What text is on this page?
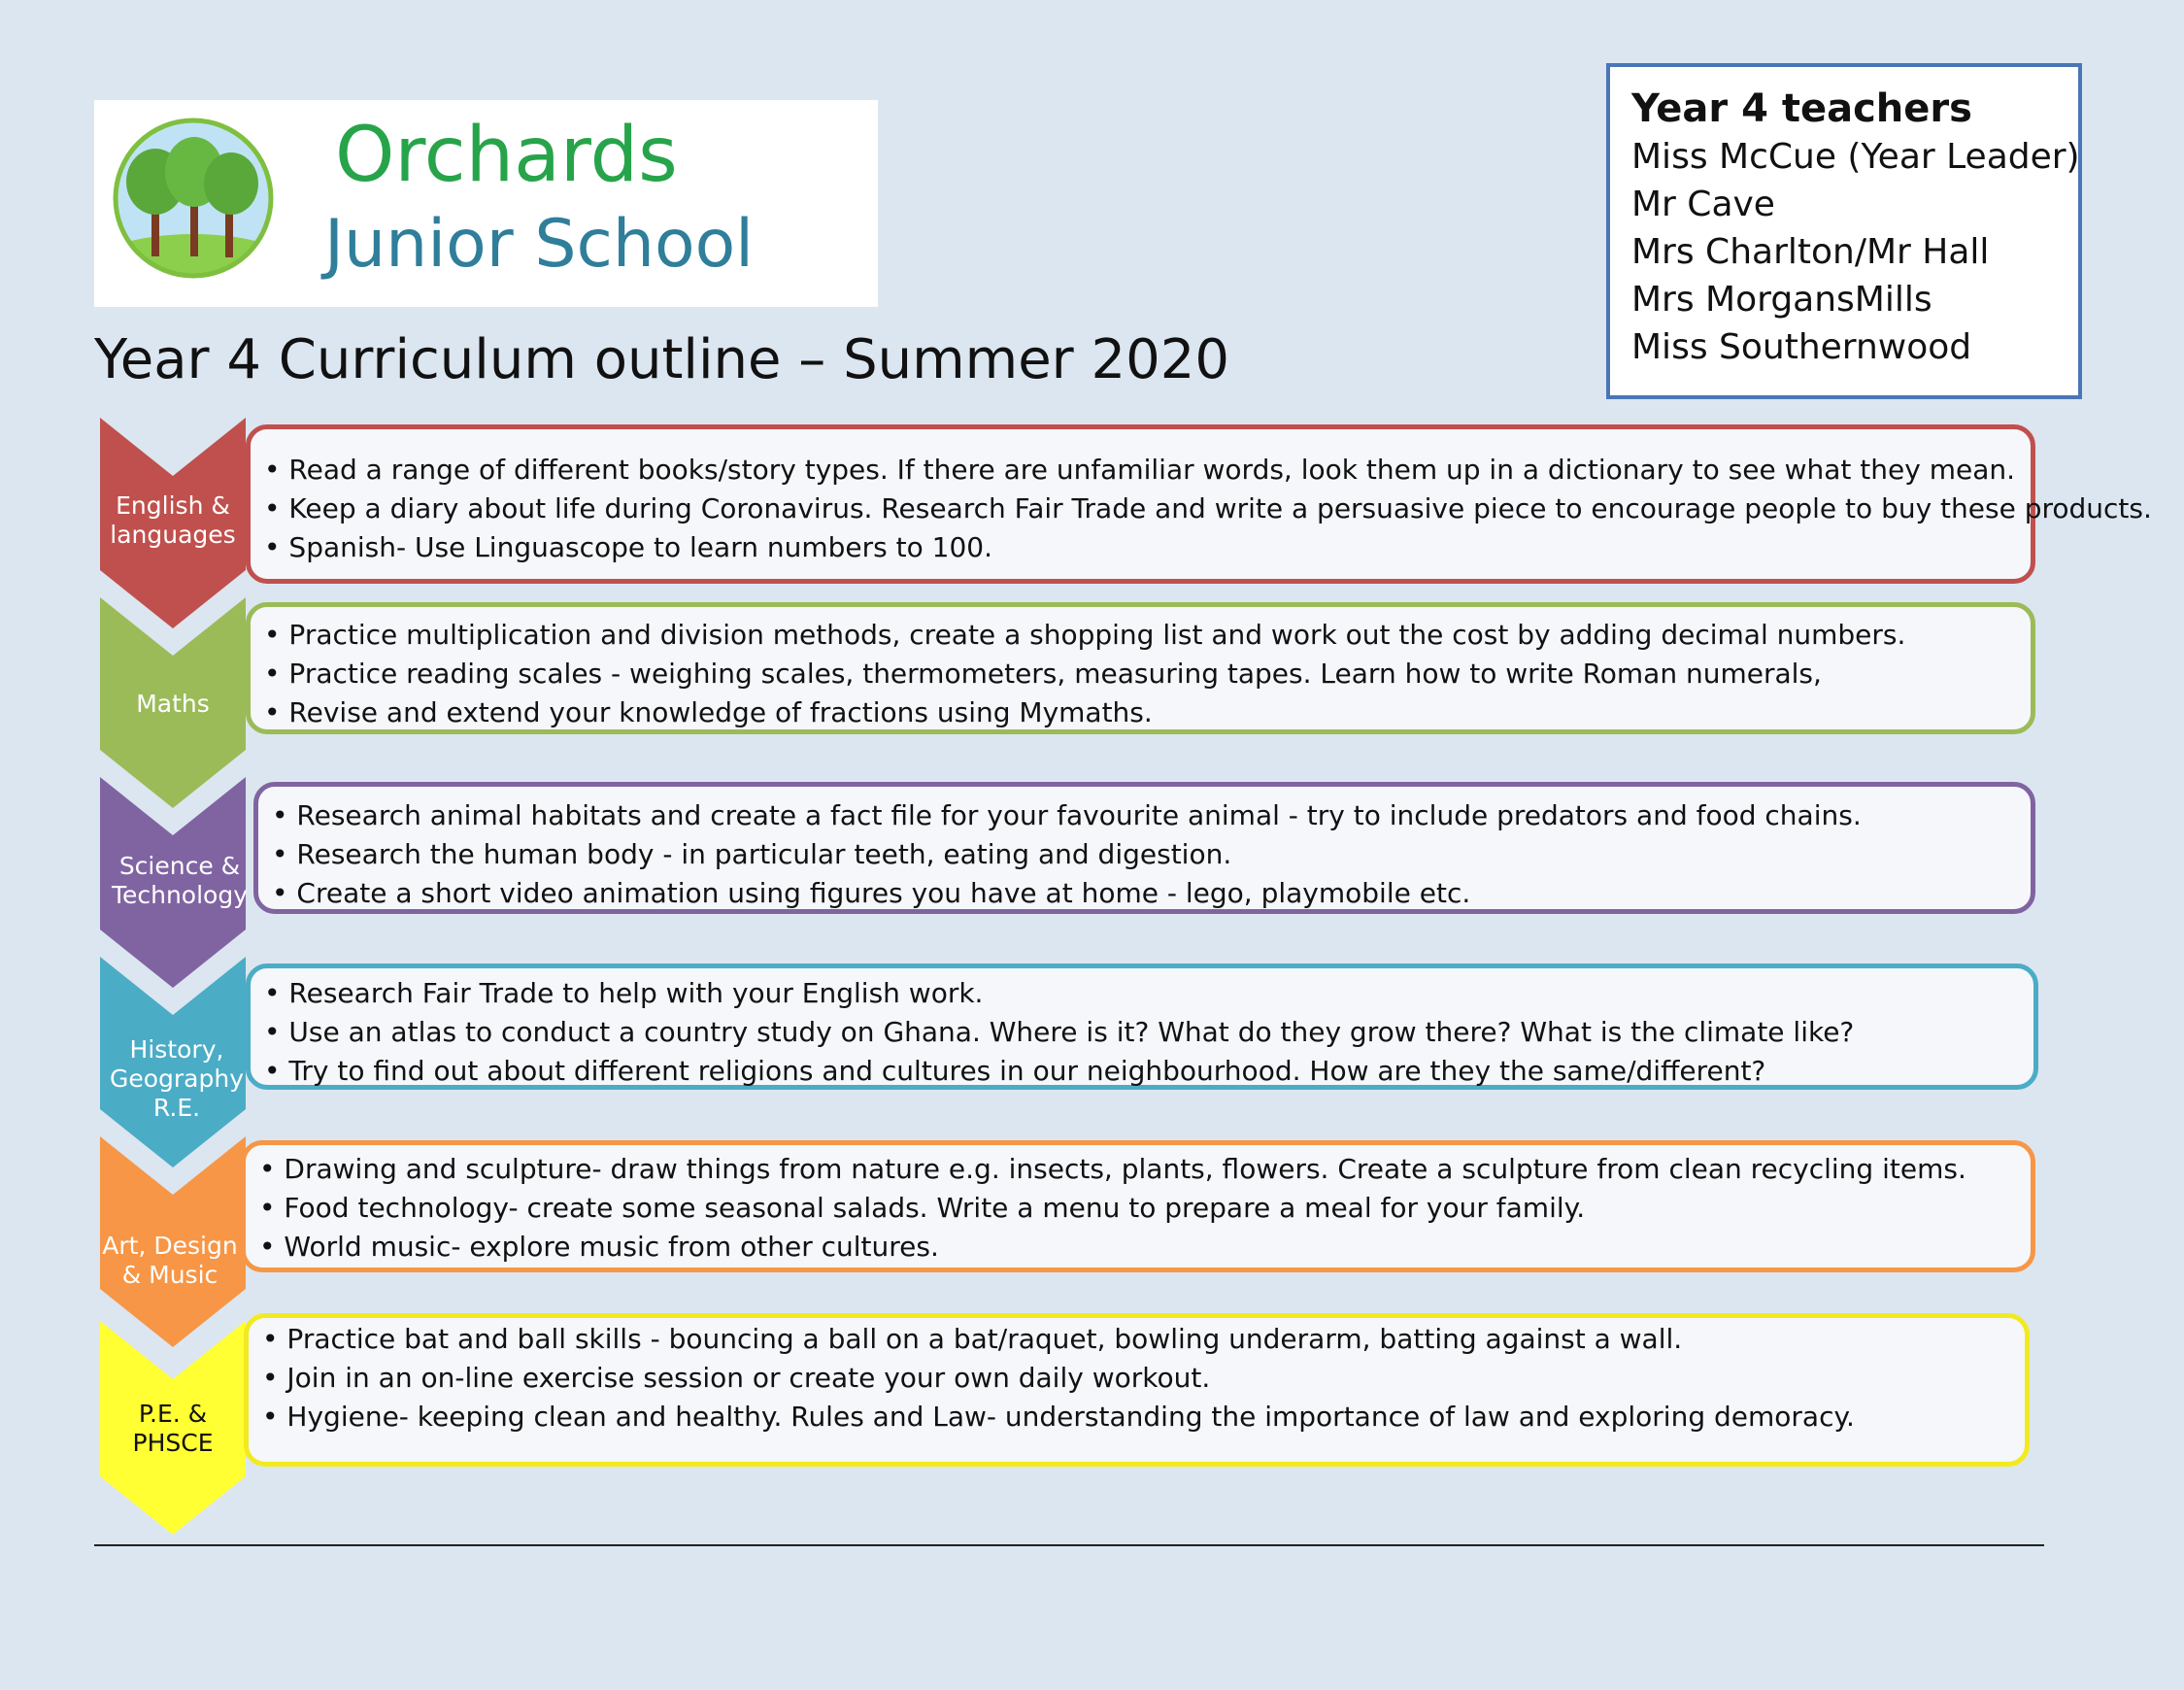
Orchards
Junior School
Year 4 Curriculum outline – Summer 2020
Year 4 teachers
Miss McCue (Year Leader)
Mr Cave
Mrs Charlton/Mr Hall
Mrs MorgansMills
Miss Southernwood
English &
languages
• Read a range of different books/story types. If there are unfamiliar words, look them up in a dictionary to see what they mean.
• Keep a diary about life during Coronavirus. Research Fair Trade and write a persuasive piece to encourage people to buy these products.
• Spanish- Use Linguascope to learn numbers to 100.
Maths
• Practice multiplication and division methods, create a shopping list and work out the cost by adding decimal numbers.
• Practice reading scales - weighing scales, thermometers, measuring tapes. Learn how to write Roman numerals,
• Revise and extend your knowledge of fractions using Mymaths.
Science &
Technology
• Research animal habitats and create a fact file for your favourite animal - try to include predators and food chains.
• Research the human body - in particular teeth, eating and digestion.
• Create a short video animation using figures you have at home - lego, playmobile etc.
History,
Geography
R.E.
• Research Fair Trade to help with your English work.
• Use an atlas to conduct a country study on Ghana. Where is it? What do they grow there? What is the climate like?
• Try to find out about different religions and cultures in our neighbourhood. How are they the same/different?
Art, Design
& Music
• Drawing and sculpture- draw things from nature e.g. insects, plants, flowers. Create a sculpture from clean recycling items.
• Food technology- create some seasonal salads. Write a menu to prepare a meal for your family.
• World music- explore music from other cultures.
P.E. &
PHSCE
• Practice bat and ball skills - bouncing a ball on a bat/raquet, bowling underarm, batting against a wall.
• Join in an on-line exercise session or create your own daily workout.
• Hygiene- keeping clean and healthy. Rules and Law- understanding the importance of law and exploring demoracy.
